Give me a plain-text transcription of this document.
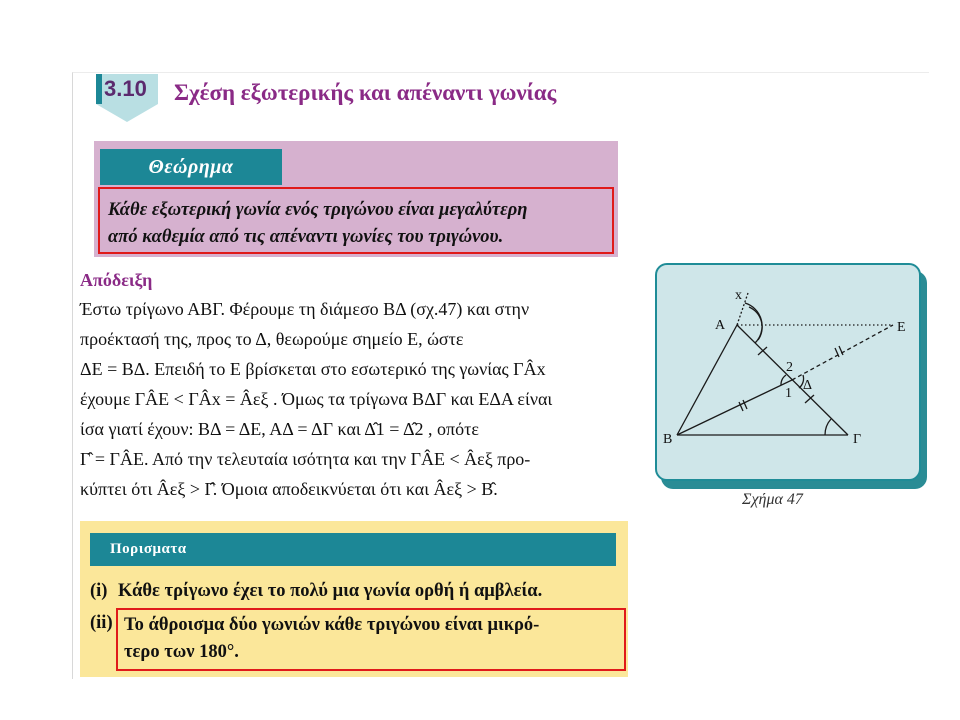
3.10 Σχέση εξωτερικής και απέναντι γωνίας
Θεώρημα
Κάθε εξωτερική γωνία ενός τριγώνου είναι μεγαλύτερη
από καθεμία από τις απέναντι γωνίες του τριγώνου.
Απόδειξη

Έστω τρίγωνο ΑΒΓ. Φέρουμε τη διάμεσο ΒΔ (σχ.47) και στην

προέκτασή της, προς το Δ, θεωρούμε σημείο Ε, ώστε

ΔΕ = ΒΔ. Επειδή το Ε βρίσκεται στο εσωτερικό της γωνίας ΓÂx

έχουμε ΓÂΕ < ΓÂx = Âεξ . Όμως τα τρίγωνα ΒΔΓ και ΕΔΑ είναι

ίσα γιατί έχουν: ΒΔ = ΔΕ, ΑΔ = ΔΓ και Δ̂1 = Δ̂2 , οπότε

Γ̂ = ΓÂΕ. Από την τελευταία ισότητα και την ΓÂΕ < Âεξ προ-

κύπτει ότι Âεξ > Γ̂. Όμοια αποδεικνύεται ότι και Âεξ > Β̂.

Πορισματα
(i) Κάθε τρίγωνο έχει το πολύ μια γωνία ορθή ή αμβλεία.
(ii) Το άθροισμα δύο γωνιών κάθε τριγώνου είναι μικρό-
τερο των 180°.
x
Α
Β	Γ
Δ
Ε
1
2
Σχήμα 47
